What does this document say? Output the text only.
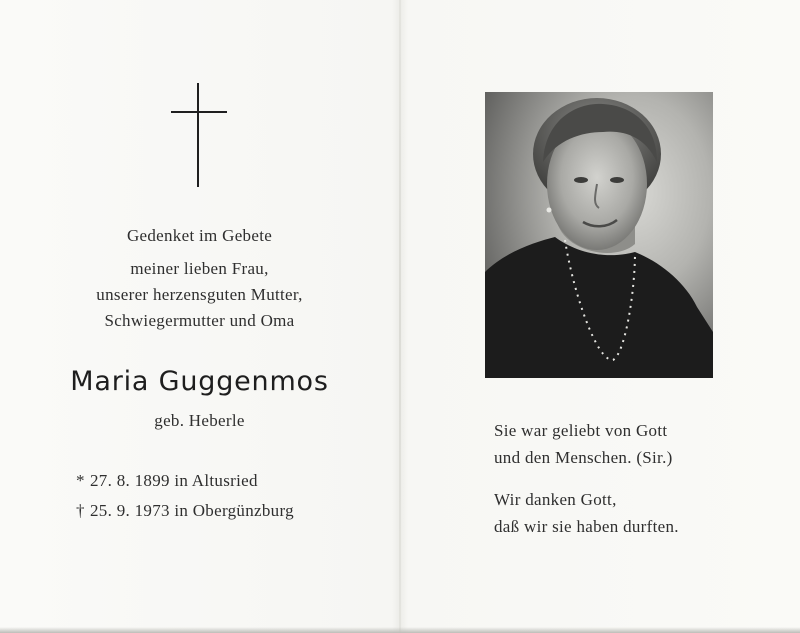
Gedenket im Gebete
meiner lieben Frau,
unserer herzensguten Mutter,
Schwiegermutter und Oma
Maria Guggenmos
geb. Heberle
* 27. 8. 1899 in Altusried
† 25. 9. 1973 in Obergünzburg
Sie war geliebt von Gott
und den Menschen. (Sir.)
Wir danken Gott,
daß wir sie haben durften.
